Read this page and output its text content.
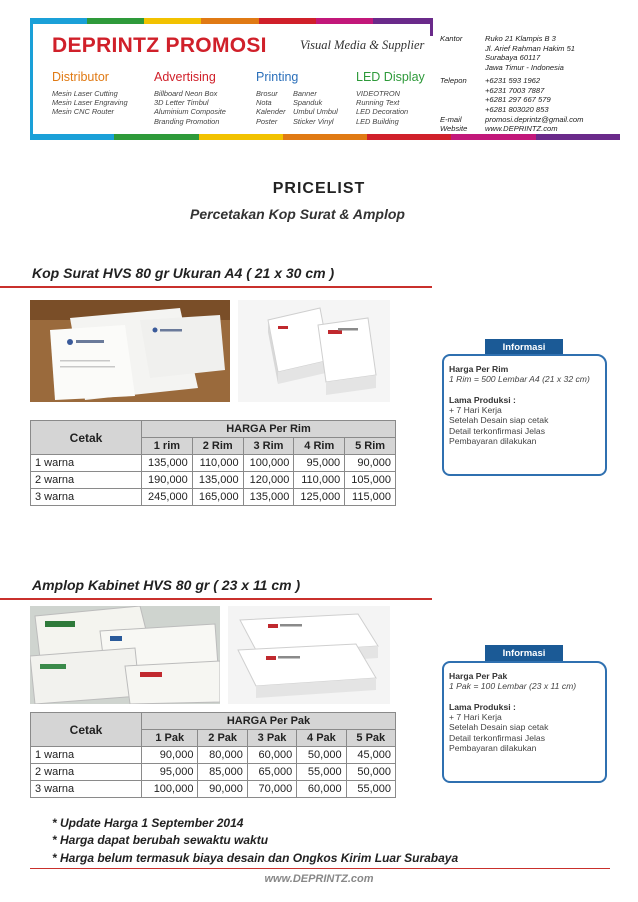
DEPRINTZ PROMOSI	Visual Media & Supplier
Distributor
Mesin Laser Cutting
Mesin Laser Engraving
Mesin CNC Router
Advertising
Billboard Neon Box
3D Letter Timbul
Aluminium Composite
Branding Promotion
Printing
Brosur
Nota
Kalender
Poster
Banner
Spanduk
Umbul Umbul
Sticker Vinyl
LED Display
VIDEOTRON
Running Text
LED Decoration
LED Building
Kantor	Ruko 21 Klampis B 3
Jl. Arief Rahman Hakim 51
Surabaya 60117
Jawa Timur - Indonesia
Telepon +6231 593 1962
+6231 7003 7887
+6281 297 667 579
+6281 803020 853
E-mail	promosi.deprintz@gmail.com
Website www.DEPRINTZ.com
PRICELIST
Percetakan Kop Surat & Amplop
Kop Surat HVS 80 gr Ukuran A4 ( 21 x 30 cm )
Cetak	HARGA Per Rim				
	1 rim	2 Rim	3 Rim	4 Rim	5 Rim
1 warna	135,000	110,000	100,000	95,000	90,000
2 warna	190,000	135,000	120,000	110,000	105,000
3 warna	245,000	165,000	135,000	125,000	115,000
Informasi
Harga Per Rim
1 Rim = 500 Lembar A4 (21 x 32 cm)
Lama Produksi :
+ 7 Hari Kerja
Setelah Desain siap cetak
Detail terkonfirmasi Jelas
Pembayaran dilakukan
Amplop Kabinet HVS 80 gr ( 23 x 11 cm )
Cetak	HARGA Per Pak				
	1 Pak	2 Pak	3 Pak	4 Pak	5 Pak
1 warna	90,000	80,000	60,000	50,000	45,000
2 warna	95,000	85,000	65,000	55,000	50,000
3 warna	100,000	90,000	70,000	60,000	55,000
Informasi
Harga Per Pak
1 Pak = 100 Lembar (23 x 11 cm)
Lama Produksi :
+ 7 Hari Kerja
Setelah Desain siap cetak
Detail terkonfirmasi Jelas
Pembayaran dilakukan
* Update Harga 1 September 2014
* Harga dapat berubah sewaktu waktu
* Harga belum termasuk biaya desain dan Ongkos Kirim Luar Surabaya
www.DEPRINTZ.com
